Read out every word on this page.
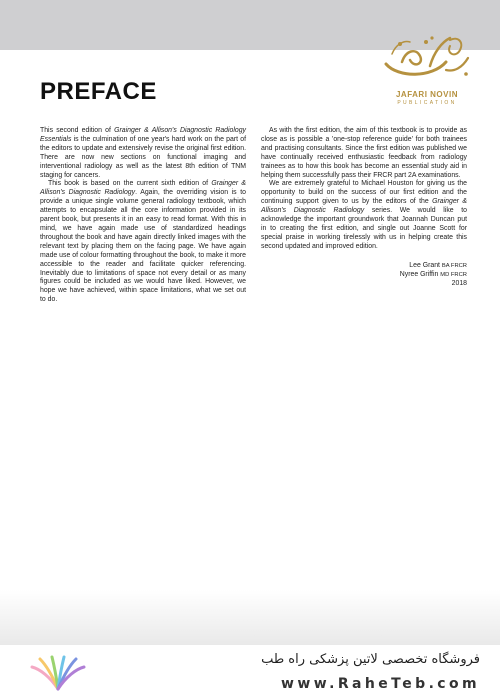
JAFARI NOVIN
PUBLICATION
PREFACE

This second edition of Grainger & Allison's Diagnostic Radiology Essentials is the culmination of one year's hard work on the part of the editors to update and extensively revise the original first edition. There are now new sections on functional imaging and interventional radiology as well as the latest 8th edition of TNM staging for cancers.

This book is based on the current sixth edition of Grainger & Allison's Diagnostic Radiology. Again, the overriding vision is to provide a unique single volume general radiology textbook, which attempts to encapsulate all the core information provided in its parent book, but presents it in an easy to read format. With this in mind, we have again made use of standardized headings throughout the book and have again directly linked images with the relevant text by placing them on the facing page. We have again made use of colour formatting throughout the book, to make it more accessible to the reader and facilitate quicker referencing. Inevitably due to limitations of space not every detail or as many figures could be included as we would have liked. However, we hope we have achieved, within space limitations, what we set out to do.

As with the first edition, the aim of this textbook is to provide as close as is possible a 'one-stop reference guide' for both trainees and practising consultants. Since the first edition was published we have continually received enthusiastic feedback from radiology trainees as to how this book has become an essential study aid in helping them successfully pass their FRCR part 2A examinations.

We are extremely grateful to Michael Houston for giving us the opportunity to build on the success of our first edition and the continuing support given to us by the editors of the Grainger & Allison's Diagnostic Radiology series. We would like to acknowledge the important groundwork that Joannah Duncan put in to creating the first edition, and single out Joanne Scott for special praise in working tirelessly with us in helping create this second updated and improved edition.

Lee Grant BA FRCR
Nyree Griffin MD FRCR
2018
فروشگاه تخصصی لاتین پزشکی راه طب
www.RaheTeb.com
